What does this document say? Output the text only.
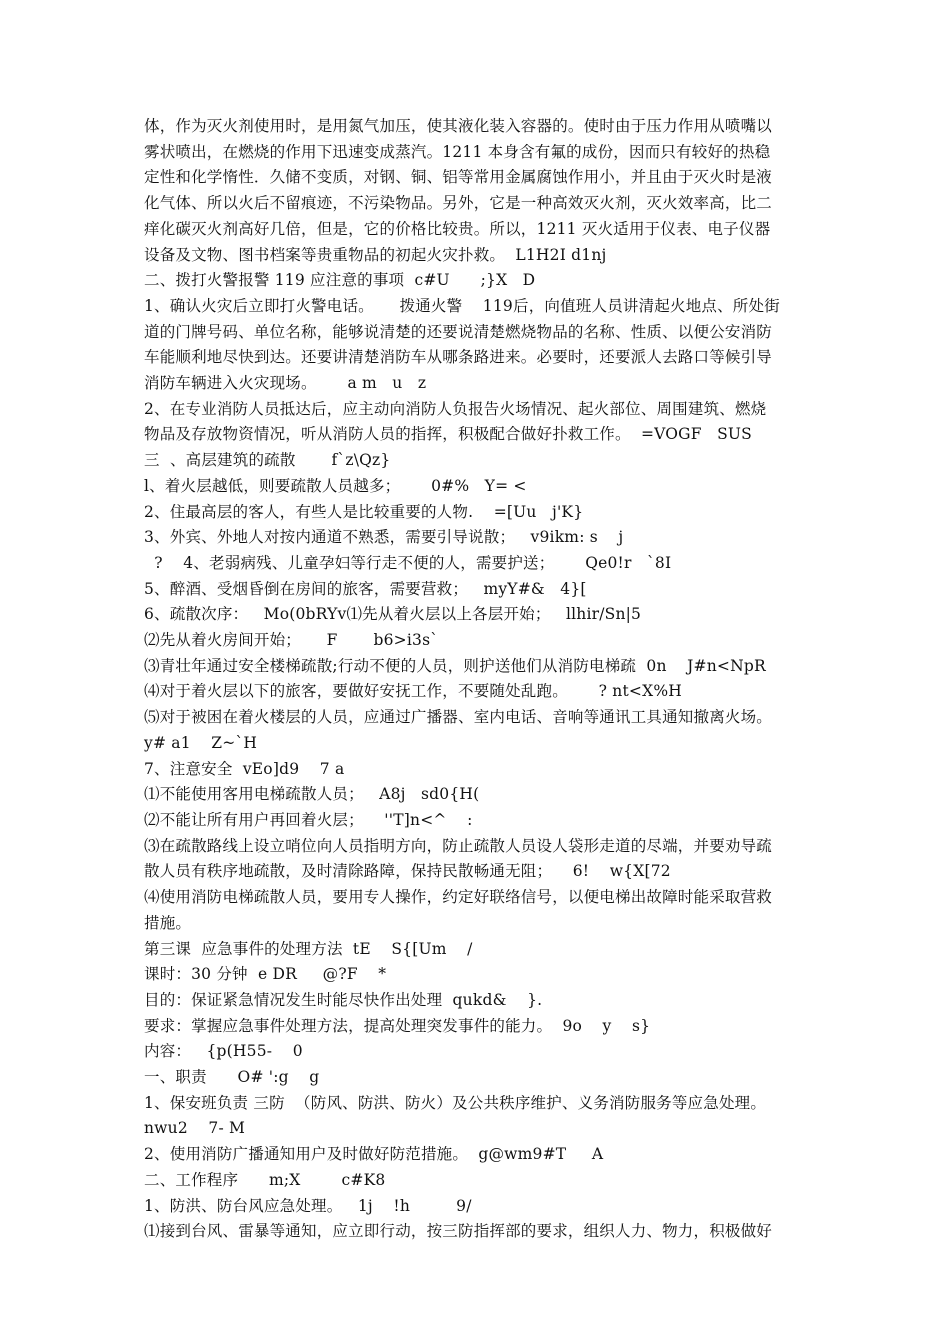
体，作为灭火剂使用时，是用氮气加压，使其液化装入容器的。使时由于压力作用从喷嘴以

雾状喷出，在燃烧的作用下迅速变成蒸汽。1211 本身含有氟的成份，因而只有较好的热稳

定性和化学惰性．久储不变质，对钢、铜、铝等常用金属腐蚀作用小，并且由于灭火时是液

化气体、所以火后不留痕迹，不污染物品。另外，它是一种高效灭火剂，灭火效率高，比二

痒化碳灭火剂高好几倍，但是，它的价格比较贵。所以，1211 灭火适用于仪表、电子仪器

设备及文物、图书档案等贵重物品的初起火灾扑救。  L1H2I d1nj

二、拨打火警报警 119 应注意的事项  c#U      ;}X   D

1、确认火灾后立即打火警电话。     拨通火警    119后，向值班人员讲清起火地点、所处街

道的门牌号码、单位名称，能够说清楚的还要说清楚燃烧物品的名称、性质、以便公安消防

车能顺利地尽快到达。还要讲清楚消防车从哪条路进来。必要时，还要派人去路口等候引导

消防车辆进入火灾现场。      a m   u   z

2、在专业消防人员抵达后，应主动向消防人负报告火场情况、起火部位、周围建筑、燃烧

物品及存放物资情况，听从消防人员的指挥，积极配合做好扑救工作。  =VOGF   SUS

三  、高层建筑的疏散       f`z\Qz}

l、着火层越低，则要疏散人员越多；      0#%   Y= <

2、住最高层的客人，有些人是比较重要的人物.    =[Uu   j'K}

3、外宾、外地人对按内通道不熟悉，需要引导说散；   v9ikm: s    j

?    4、老弱病残、儿童孕妇等行走不便的人，需要护送；      Qe0!r   `8I

5、醉酒、受烟昏倒在房间的旅客，需要营救；   myY#&   4}[

6、疏散次序：   Mo(0bRYv⑴先从着火层以上各层开始；   llhir/Sn|5

⑵先从着火房间开始；     F       b6>i3s`

⑶青壮年通过安全楼梯疏散;行动不便的人员，则护送他们从消防电梯疏  0n    J#n<NpR

⑷对于着火层以下的旅客，要做好安抚工作，不要随处乱跑。      ? nt<X%H

⑸对于被困在着火楼层的人员，应通过广播器、室内电话、音响等通讯工具通知撤离火场。

y# a1    Z~`H

7、注意安全  vEo]d9    7 a

⑴不能使用客用电梯疏散人员；   A8j   sd0{H(

⑵不能让所有用户再回着火层；    ''T]n<^    :

⑶在疏散路线上设立哨位向人员指明方向，防止疏散人员设人袋形走道的尽端，并要劝导疏

散人员有秩序地疏散，及时清除路障，保持民散畅通无阻；    6!    w{X[72

⑷使用消防电梯疏散人员，要用专人操作，约定好联络信号，以便电梯出故障时能采取营救

措施。

第三课  应急事件的处理方法  tE    S{[Um    /

课时：30 分钟  e DR     @?F    *

目的：保证紧急情况发生时能尽快作出处理  qukd&    }.

要求：掌握应急事件处理方法，提高处理突发事件的能力。  9o    y    s}

内容：   {p(H55-    0

一、职责      O# ':g    g

1、保安班负责 三防  （防风、防洪、防火）及公共秩序维护、义务消防服务等应急处理。

nwu2    7- M

2、使用消防广播通知用户及时做好防范措施。  g@wm9#T     A

二、工作程序      m;X        c#K8

1、防洪、防台风应急处理。   1j    !h         9/

⑴接到台风、雷暴等通知，应立即行动，按三防指挥部的要求，组织人力、物力，积极做好
